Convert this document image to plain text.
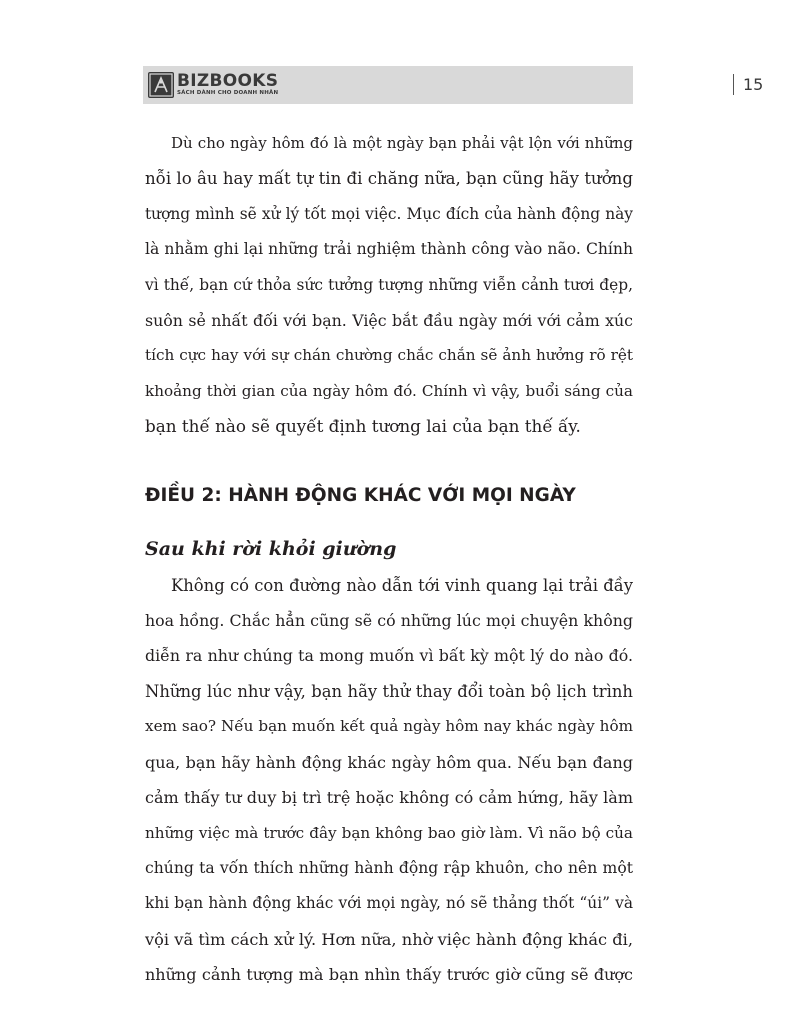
BIZBOOKS
SÁCH DÀNH CHO DOANH NHÂN	15

Dù cho ngày hôm đó là một ngày bạn phải vật lộn với những
nỗi lo âu hay mất tự tin đi chăng nữa, bạn cũng hãy tưởng
tượng mình sẽ xử lý tốt mọi việc. Mục đích của hành động này
là nhằm ghi lại những trải nghiệm thành công vào não. Chính
vì thế, bạn cứ thỏa sức tưởng tượng những viễn cảnh tươi đẹp,
suôn sẻ nhất đối với bạn. Việc bắt đầu ngày mới với cảm xúc
tích cực hay với sự chán chường chắc chắn sẽ ảnh hưởng rõ rệt
khoảng thời gian của ngày hôm đó. Chính vì vậy, buổi sáng của
bạn thế nào sẽ quyết định tương lai của bạn thế ấy.

ĐIỀU 2: HÀNH ĐỘNG KHÁC VỚI MỌI NGÀY
Sau khi rời khỏi giường

Không có con đường nào dẫn tới vinh quang lại trải đầy
hoa hồng. Chắc hẳn cũng sẽ có những lúc mọi chuyện không
diễn ra như chúng ta mong muốn vì bất kỳ một lý do nào đó.
Những lúc như vậy, bạn hãy thử thay đổi toàn bộ lịch trình
xem sao? Nếu bạn muốn kết quả ngày hôm nay khác ngày hôm
qua, bạn hãy hành động khác ngày hôm qua. Nếu bạn đang
cảm thấy tư duy bị trì trệ hoặc không có cảm hứng, hãy làm
những việc mà trước đây bạn không bao giờ làm. Vì não bộ của
chúng ta vốn thích những hành động rập khuôn, cho nên một
khi bạn hành động khác với mọi ngày, nó sẽ thảng thốt “úi” và
vội vã tìm cách xử lý. Hơn nữa, nhờ việc hành động khác đi,
những cảnh tượng mà bạn nhìn thấy trước giờ cũng sẽ được
